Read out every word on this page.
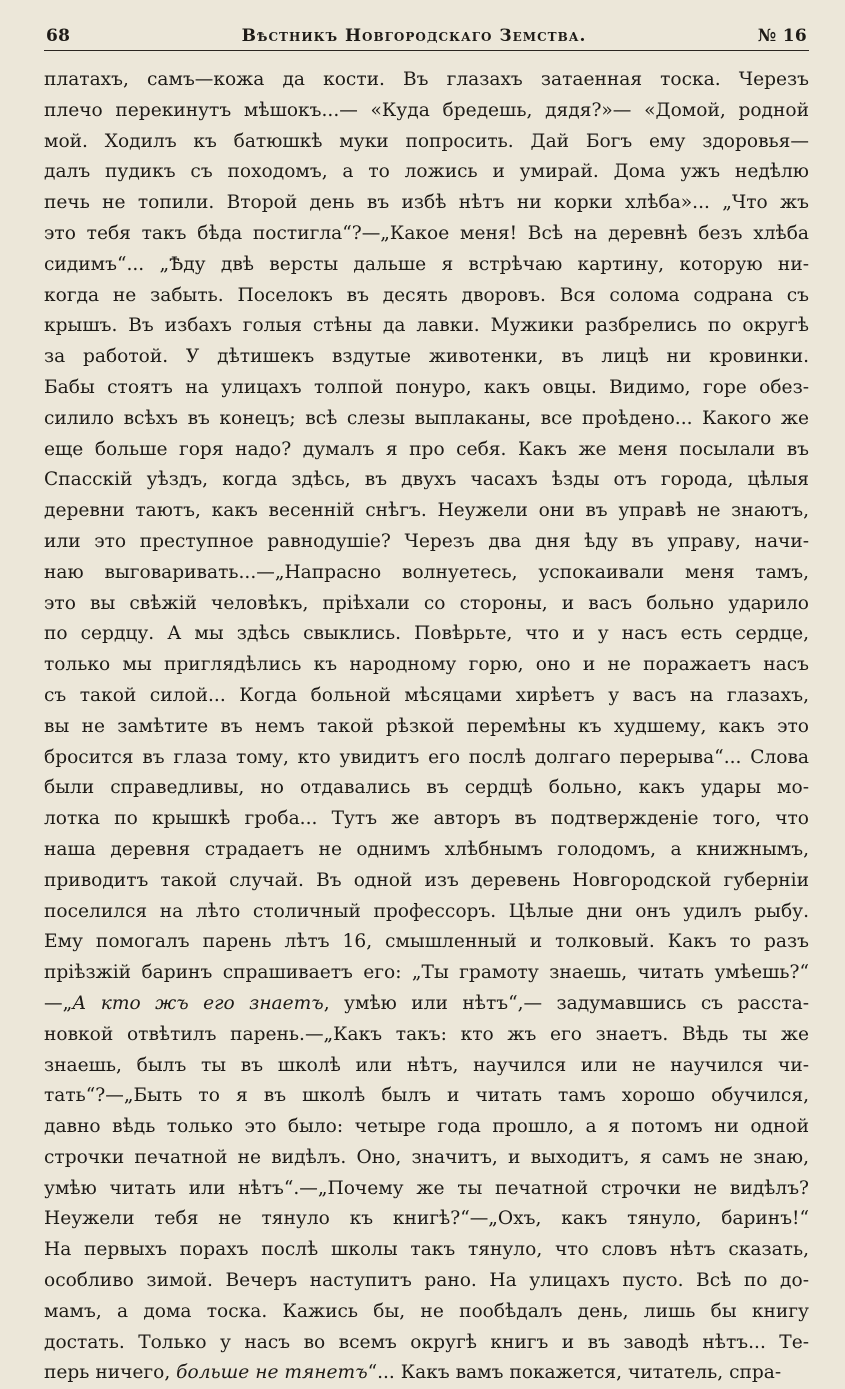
68	Вѣстникъ Новгородскаго Земства.	№ 16
платахъ, самъ—кожа да кости. Въ глазахъ затаенная тоска. Черезъ
плечо перекинутъ мѣшокъ...— «Куда бредешь, дядя?»— «Домой, родной
мой. Ходилъ къ батюшкѣ муки попросить. Дай Богъ ему здоровья—
далъ пудикъ съ походомъ, а то ложись и умирай. Дома ужъ недѣлю
печь не топили. Второй день въ избѣ нѣтъ ни корки хлѣба»... „Что жъ
это тебя такъ бѣда постигла“?—„Какое меня! Всѣ на деревнѣ безъ хлѣба
сидимъ“... „Ѣду двѣ версты дальше я встрѣчаю картину, которую ни-
когда не забыть. Поселокъ въ десять дворовъ. Вся солома содрана съ
крышъ. Въ избахъ голыя стѣны да лавки. Мужики разбрелись по округѣ
за работой. У дѣтишекъ вздутые животенки, въ лицѣ ни кровинки.
Бабы стоятъ на улицахъ толпой понуро, какъ овцы. Видимо, горе обез-
силило всѣхъ въ конецъ; всѣ слезы выплаканы, все проѣдено... Какого же
еще больше горя надо? думалъ я про себя. Какъ же меня посылали въ
Спасскій уѣздъ, когда здѣсь, въ двухъ часахъ ѣзды отъ города, цѣлыя
деревни таютъ, какъ весенній снѣгъ. Неужели они въ управѣ не знаютъ,
или это преступное равнодушіе? Черезъ два дня ѣду въ управу, начи-
наю выговаривать...—„Напрасно волнуетесь, успокаивали меня тамъ,
это вы свѣжій человѣкъ, пріѣхали со стороны, и васъ больно ударило
по сердцу. А мы здѣсь свыклись. Повѣрьте, что и у насъ есть сердце,
только мы приглядѣлись къ народному горю, оно и не поражаетъ насъ
съ такой силой... Когда больной мѣсяцами хирѣетъ у васъ на глазахъ,
вы не замѣтите въ немъ такой рѣзкой перемѣны къ худшему, какъ это
бросится въ глаза тому, кто увидитъ его послѣ долгаго перерыва“... Слова
были справедливы, но отдавались въ сердцѣ больно, какъ удары мо-
лотка по крышкѣ гроба... Тутъ же авторъ въ подтвержденіе того, что
наша деревня страдаетъ не однимъ хлѣбнымъ голодомъ, а книжнымъ,
приводитъ такой случай. Въ одной изъ деревень Новгородской губерніи
поселился на лѣто столичный профессоръ. Цѣлые дни онъ удилъ рыбу.
Ему помогалъ парень лѣтъ 16, смышленный и толковый. Какъ то разъ
пріѣзжій баринъ спрашиваетъ его: „Ты грамоту знаешь, читать умѣешь?“
—„А кто жъ его знаетъ, умѣю или нѣтъ“,— задумавшись съ расста-
новкой отвѣтилъ парень.—„Какъ такъ: кто жъ его знаетъ. Вѣдь ты же
знаешь, былъ ты въ школѣ или нѣтъ, научился или не научился чи-
тать“?—„Быть то я въ школѣ былъ и читать тамъ хорошо обучился,
давно вѣдь только это было: четыре года прошло, а я потомъ ни одной
строчки печатной не видѣлъ. Оно, значитъ, и выходитъ, я самъ не знаю,
умѣю читать или нѣтъ“.—„Почему же ты печатной строчки не видѣлъ?
Неужели тебя не тянуло къ книгѣ?“—„Охъ, какъ тянуло, баринъ!“
На первыхъ порахъ послѣ школы такъ тянуло, что словъ нѣтъ сказать,
особливо зимой. Вечеръ наступитъ рано. На улицахъ пусто. Всѣ по до-
мамъ, а дома тоска. Кажись бы, не пообѣдалъ день, лишь бы книгу
достать. Только у насъ во всемъ округѣ книгъ и въ заводѣ нѣтъ... Те-
перь ничего, больше не тянетъ“... Какъ вамъ покажется, читатель, спра-
